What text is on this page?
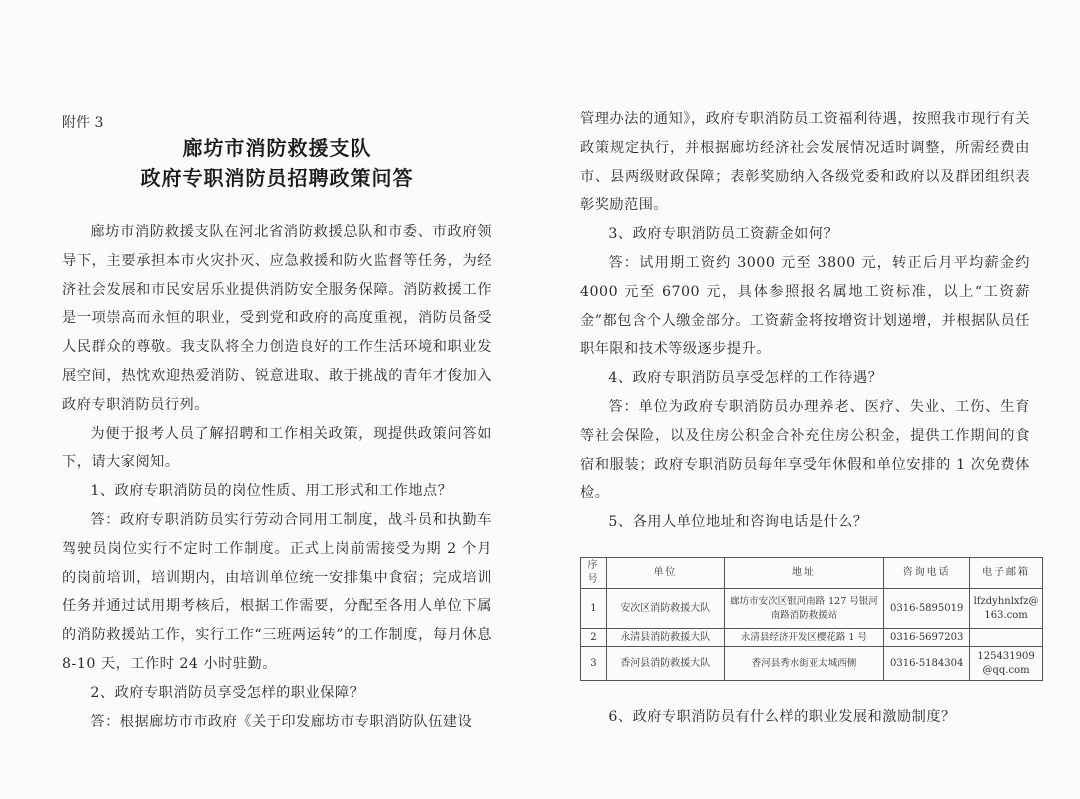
附件 3
廊坊市消防救援支队
政府专职消防员招聘政策问答

廊坊市消防救援支队在河北省消防救援总队和市委、市政府领导下，主要承担本市火灾扑灭、应急救援和防火监督等任务，为经济社会发展和市民安居乐业提供消防安全服务保障。消防救援工作是一项崇高而永恒的职业，受到党和政府的高度重视，消防员备受人民群众的尊敬。我支队将全力创造良好的工作生活环境和职业发展空间，热忱欢迎热爱消防、锐意进取、敢于挑战的青年才俊加入政府专职消防员行列。

为便于报考人员了解招聘和工作相关政策，现提供政策问答如下，请大家阅知。

1、政府专职消防员的岗位性质、用工形式和工作地点？

答：政府专职消防员实行劳动合同用工制度，战斗员和执勤车驾驶员岗位实行不定时工作制度。正式上岗前需接受为期 2 个月的岗前培训，培训期内，由培训单位统一安排集中食宿；完成培训任务并通过试用期考核后，根据工作需要，分配至各用人单位下属的消防救援站工作，实行工作“三班两运转”的工作制度，每月休息 8-10 天，工作时 24 小时驻勤。

2、政府专职消防员享受怎样的职业保障？

答：根据廊坊市市政府《关于印发廊坊市专职消防队伍建设

管理办法的通知》，政府专职消防员工资福利待遇，按照我市现行有关政策规定执行，并根据廊坊经济社会发展情况适时调整，所需经费由市、县两级财政保障；表彰奖励纳入各级党委和政府以及群团组织表彰奖励范围。

3、政府专职消防员工资薪金如何？

答：试用期工资约 3000 元至 3800 元，转正后月平均薪金约 4000 元至 6700 元，具体参照报名属地工资标准，以上“工资薪金”都包含个人缴金部分。工资薪金将按增资计划递增，并根据队员任职年限和技术等级逐步提升。

4、政府专职消防员享受怎样的工作待遇？

答：单位为政府专职消防员办理养老、医疗、失业、工伤、生育等社会保险，以及住房公积金合补充住房公积金，提供工作期间的食宿和服装；政府专职消防员每年享受年休假和单位安排的 1 次免费体检。

5、各用人单位地址和咨询电话是什么？

序号	单位	地址	咨询电话	电子邮箱
1	安次区消防救援大队	廊坊市安次区银河南路 127 号银河南路消防救援站	0316-5895019	lfzdyhnlxfz@163.com
2	永清县消防救援大队	永清县经济开发区樱花路 1 号	0316-5697203	
3	香河县消防救援大队	香河县秀水街亚太城西侧	0316-5184304	125431909@qq.com

6、政府专职消防员有什么样的职业发展和激励制度？
